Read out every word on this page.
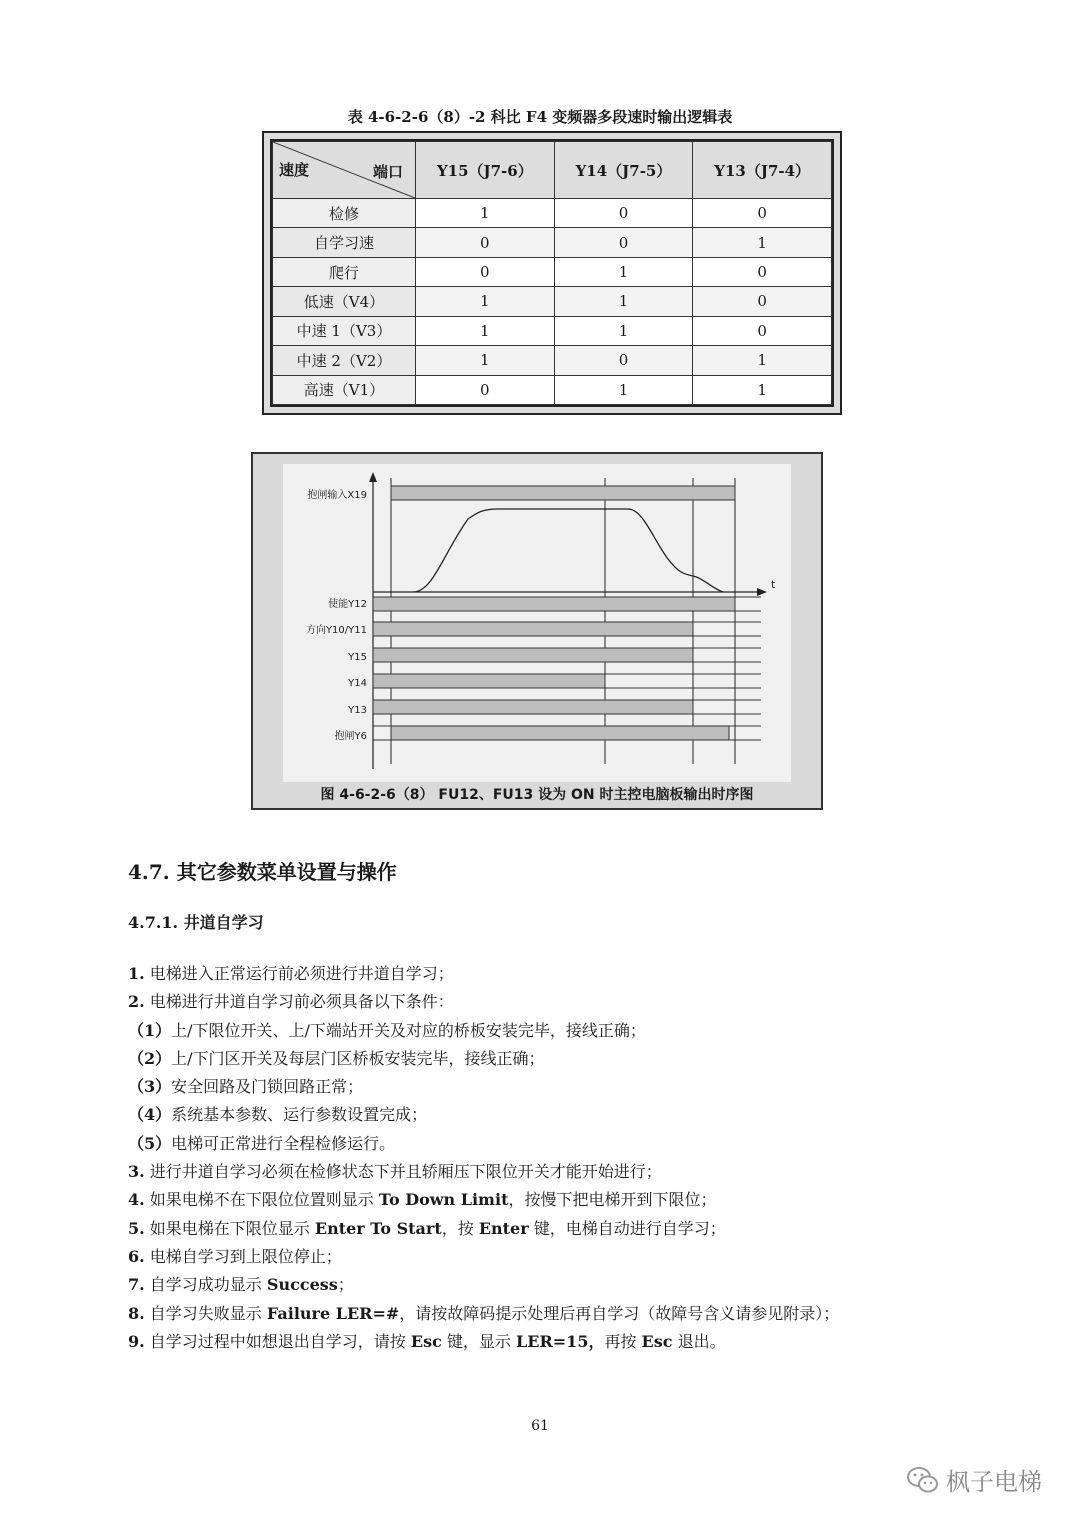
表 4-6-2-6（8）-2 科比 F4 变频器多段速时输出逻辑表
速度 端口	Y15（J7-6）	Y14（J7-5）	Y13（J7-4）
检修	1	0	0
自学习速	0	0	1
爬行	0	1	0
低速（V4）	1	1	0
中速 1（V3）	1	1	0
中速 2（V2）	1	0	1
高速（V1）	0	1	1
t
抱闸输入X19
使能Y12
方向Y10/Y11
Y15
Y14
Y13
抱闸Y6
图 4-6-2-6（8） FU12、FU13 设为 ON 时主控电脑板输出时序图
4.7. 其它参数菜单设置与操作
4.7.1. 井道自学习
1. 电梯进入正常运行前必须进行井道自学习；
2. 电梯进行井道自学习前必须具备以下条件：
（1）上/下限位开关、上/下端站开关及对应的桥板安装完毕，接线正确；
（2）上/下门区开关及每层门区桥板安装完毕，接线正确；
（3）安全回路及门锁回路正常；
（4）系统基本参数、运行参数设置完成；
（5）电梯可正常进行全程检修运行。
3. 进行井道自学习必须在检修状态下并且轿厢压下限位开关才能开始进行；
4. 如果电梯不在下限位位置则显示 To Down Limit，按慢下把电梯开到下限位；
5. 如果电梯在下限位显示 Enter To Start，按 Enter 键，电梯自动进行自学习；
6. 电梯自学习到上限位停止；
7. 自学习成功显示 Success；
8. 自学习失败显示 Failure LER=#，请按故障码提示处理后再自学习（故障号含义请参见附录）；
9. 自学习过程中如想退出自学习，请按 Esc 键，显示 LER=15，再按 Esc 退出。
61
枫子电梯
